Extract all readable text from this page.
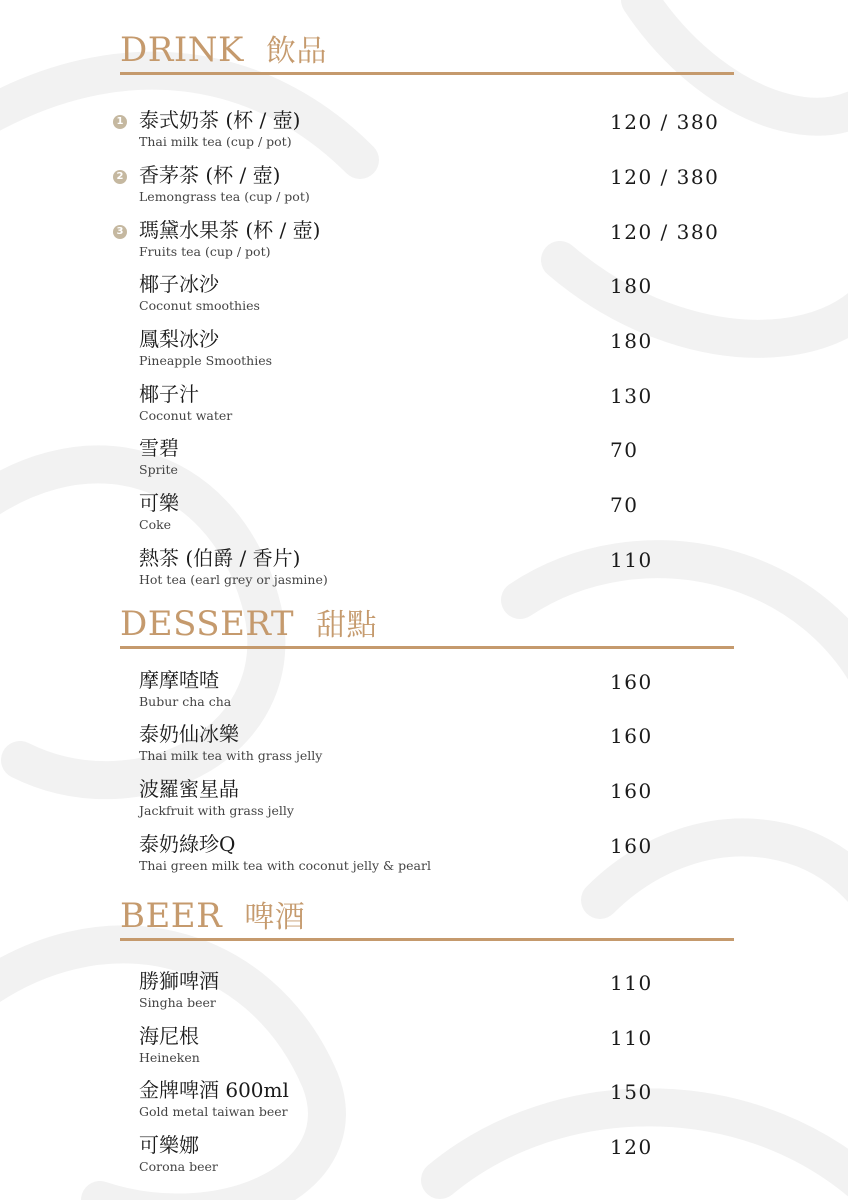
DRINK 飲品
1 泰式奶茶 (杯 / 壺)
Thai milk tea (cup / pot)
120 / 380
2 香茅茶 (杯 / 壺)
Lemongrass tea (cup / pot)
120 / 380
3 瑪黛水果茶 (杯 / 壺)
Fruits tea (cup / pot)
120 / 380
椰子冰沙
Coconut smoothies
180
鳳梨冰沙
Pineapple Smoothies
180
椰子汁
Coconut water
130
雪碧
Sprite
70
可樂
Coke
70
熱茶 (伯爵 / 香片)
Hot tea (earl grey or jasmine)
110
DESSERT 甜點
摩摩喳喳
Bubur cha cha
160
泰奶仙冰樂
Thai milk tea with grass jelly
160
波羅蜜星晶
Jackfruit with grass jelly
160
泰奶綠珍Q
Thai green milk tea with coconut jelly & pearl
160
BEER 啤酒
勝獅啤酒
Singha beer
110
海尼根
Heineken
110
金牌啤酒 600ml
Gold metal taiwan beer
150
可樂娜
Corona beer
120
